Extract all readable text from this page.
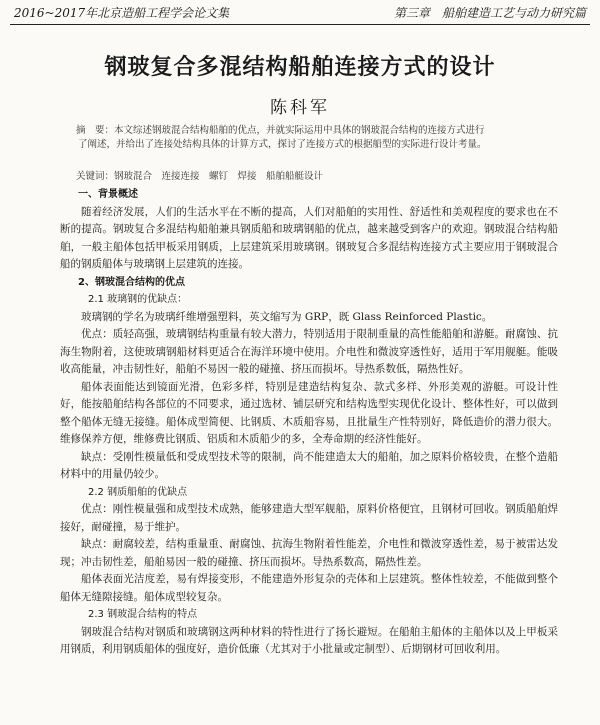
2016~2017年北京造船工程学会论文集	第三章　船舶建造工艺与动力研究篇
钢玻复合多混结构船舶连接方式的设计
陈科军

摘　要：本文综述钢玻混合结构船舶的优点，并就实际运用中具体的钢玻混合结构的连接方式进行

了阐述，并给出了连接处结构具体的计算方式，探讨了连接方式的根据船型的实际进行设计考量。

关键词：钢玻混合　连接连接　螺钉　焊接　船舶船艇设计

一、背景概述

随着经济发展，人们的生活水平在不断的提高，人们对船舶的实用性、舒适性和美观程度的要求也在不断的提高。钢玻复合多混结构船舶兼具钢质船和玻璃钢船的优点，越来越受到客户的欢迎。钢玻混合结构船舶，一般主船体包括甲板采用钢质，上层建筑采用玻璃钢。钢玻复合多混结构连接方式主要应用于钢玻混合船的钢质船体与玻璃钢上层建筑的连接。

2、钢玻混合结构的优点

2.1 玻璃钢的优缺点：

玻璃钢的学名为玻璃纤维增强塑料，英文缩写为 GRP，既 Glass Reinforced Plastic。

优点：质轻高强，玻璃钢结构重量有较大潜力，特别适用于限制重量的高性能船舶和游艇。耐腐蚀、抗海生物附着，这使玻璃钢船材料更适合在海洋环境中使用。介电性和微波穿透性好，适用于军用舰艇。能吸收高能量，冲击韧性好，船舶不易因一般的碰撞、挤压而损坏。导热系数低，隔热性好。

船体表面能达到镜面光滑，色彩多样，特别是建造结构复杂、款式多样、外形美观的游艇。可设计性好，能按船舶结构各部位的不同要求，通过选材、铺层研究和结构选型实现优化设计、整体性好，可以做到整个船体无缝无接缝。船体成型简便、比钢质、木质船容易，且批量生产性特别好，降低造价的潜力很大。维修保养方便，维修费比钢质、铝质和木质船少的多，全寿命期的经济性能好。

缺点：受刚性模量低和受成型技术等的限制，尚不能建造太大的船舶，加之原料价格较贵，在整个造船材料中的用量仍较少。

2.2 钢质船舶的优缺点

优点：刚性模量强和成型技术成熟，能够建造大型军舰船，原料价格便宜，且钢材可回收。钢质船舶焊接好，耐碰撞，易于维护。

缺点：耐腐较差，结构重量重、耐腐蚀、抗海生物附着性能差，介电性和微波穿透性差，易于被雷达发现；冲击韧性差，船舶易因一般的碰撞、挤压而损坏。导热系数高，隔热性差。

船体表面光洁度差，易有焊接变形，不能建造外形复杂的壳体和上层建筑。整体性较差，不能做到整个船体无缝隙接缝。船体成型较复杂。

2.3 钢玻混合结构的特点

钢玻混合结构对钢质和玻璃钢这两种材料的特性进行了扬长避短。在船舶主船体的主船体以及上甲板采用钢质，利用钢质船体的强度好，造价低廉（尤其对于小批量或定制型）、后期钢材可回收利用。
